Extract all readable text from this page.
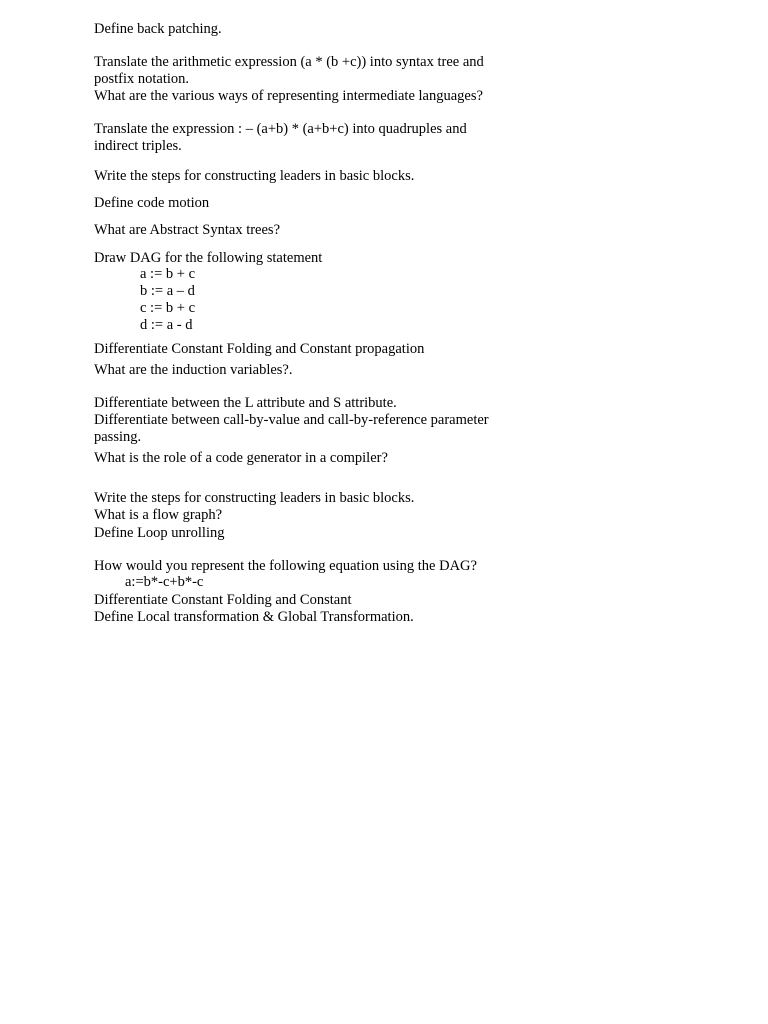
Define back patching.
Translate the arithmetic expression (a * (b +c)) into syntax tree and
postfix notation.
What are the various ways of representing intermediate languages?
Translate the expression : – (a+b) * (a+b+c) into quadruples and
indirect triples.
Write the steps for constructing leaders in basic blocks.
Define code motion
What are Abstract Syntax trees?
Draw DAG for the following statement
a := b + c
b := a – d
c := b + c
d := a - d
Differentiate Constant Folding and Constant propagation
What are the induction variables?.
Differentiate between the L attribute and S attribute.
Differentiate between call-by-value and call-by-reference parameter
passing.
What is the role of a code generator in a compiler?
Write the steps for constructing leaders in basic blocks.
What is a flow graph?
Define Loop unrolling
How would you represent the following equation using the DAG?
a:=b*-c+b*-c
Differentiate Constant Folding and Constant
Define Local transformation & Global Transformation.
